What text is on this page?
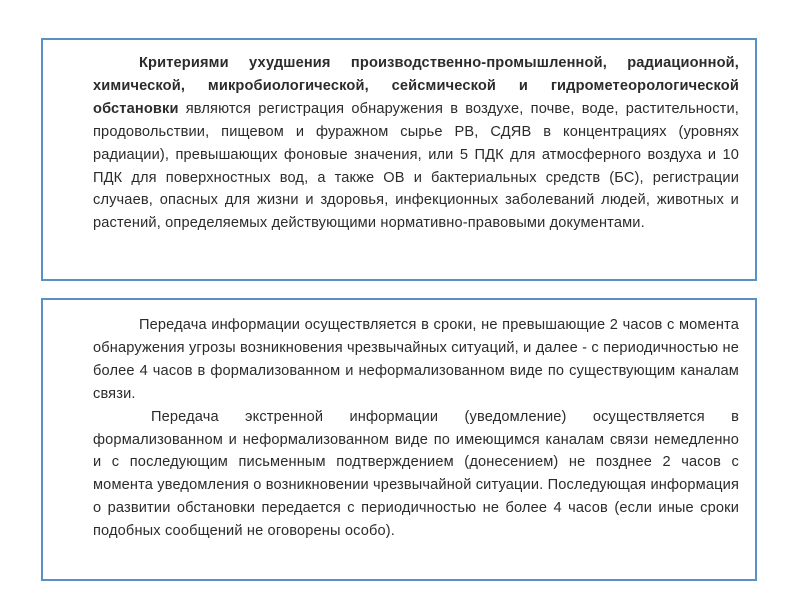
Критериями ухудшения производственно-промышленной, радиационной, химической, микробиологической, сейсмической и гидрометеорологической обстановки являются регистрация обнаружения в воздухе, почве, воде, растительности, продовольствии, пищевом и фуражном сырье РВ, СДЯВ в концентрациях (уровнях радиации), превышающих фоновые значения, или 5 ПДК для атмосферного воздуха и 10 ПДК для поверхностных вод, а также ОВ и бактериальных средств (БС), регистрации случаев, опасных для жизни и здоровья, инфекционных заболеваний людей, животных и растений, определяемых действующими нормативно-правовыми документами.

Передача информации осуществляется в сроки, не превышающие 2 часов с момента обнаружения угрозы возникновения чрезвычайных ситуаций, и далее - с периодичностью не более 4 часов в формализованном и неформализованном виде по существующим каналам связи.

Передача экстренной информации (уведомление) осуществляется в формализованном и неформализованном виде по имеющимся каналам связи немедленно и с последующим письменным подтверждением (донесением) не позднее 2 часов с момента уведомления о возникновении чрезвычайной ситуации. Последующая информация о развитии обстановки передается с периодичностью не более 4 часов (если иные сроки подобных сообщений не оговорены особо).
